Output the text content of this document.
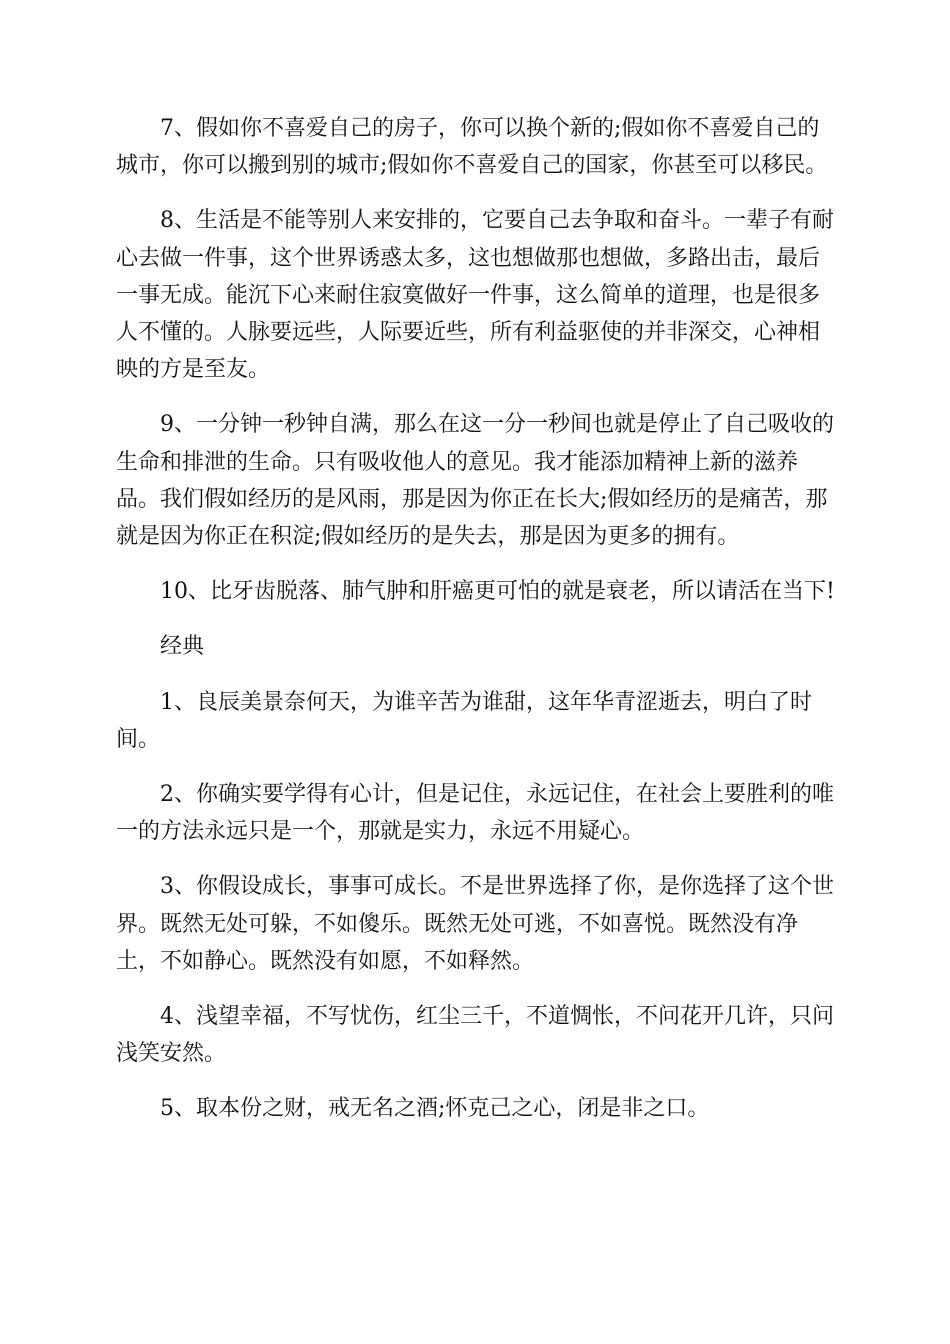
7、假如你不喜爱自己的房子，你可以换个新的;假如你不喜爱自己的城市，你可以搬到别的城市;假如你不喜爱自己的国家，你甚至可以移民。

8、生活是不能等别人来安排的，它要自己去争取和奋斗。一辈子有耐心去做一件事，这个世界诱惑太多，这也想做那也想做，多路出击，最后一事无成。能沉下心来耐住寂寞做好一件事，这么简单的道理，也是很多人不懂的。人脉要远些，人际要近些，所有利益驱使的并非深交，心神相映的方是至友。

9、一分钟一秒钟自满，那么在这一分一秒间也就是停止了自己吸收的生命和排泄的生命。只有吸收他人的意见。我才能添加精神上新的滋养品。我们假如经历的是风雨，那是因为你正在长大;假如经历的是痛苦，那就是因为你正在积淀;假如经历的是失去，那是因为更多的拥有。

10、比牙齿脱落、肺气肿和肝癌更可怕的就是衰老，所以请活在当下!

经典

1、良辰美景奈何天，为谁辛苦为谁甜，这年华青涩逝去，明白了时间。

2、你确实要学得有心计，但是记住，永远记住，在社会上要胜利的唯一的方法永远只是一个，那就是实力，永远不用疑心。

3、你假设成长，事事可成长。不是世界选择了你，是你选择了这个世界。既然无处可躲，不如傻乐。既然无处可逃，不如喜悦。既然没有净土，不如静心。既然没有如愿，不如释然。

4、浅望幸福，不写忧伤，红尘三千，不道惆怅，不问花开几许，只问浅笑安然。

5、取本份之财，戒无名之酒;怀克己之心，闭是非之口。
